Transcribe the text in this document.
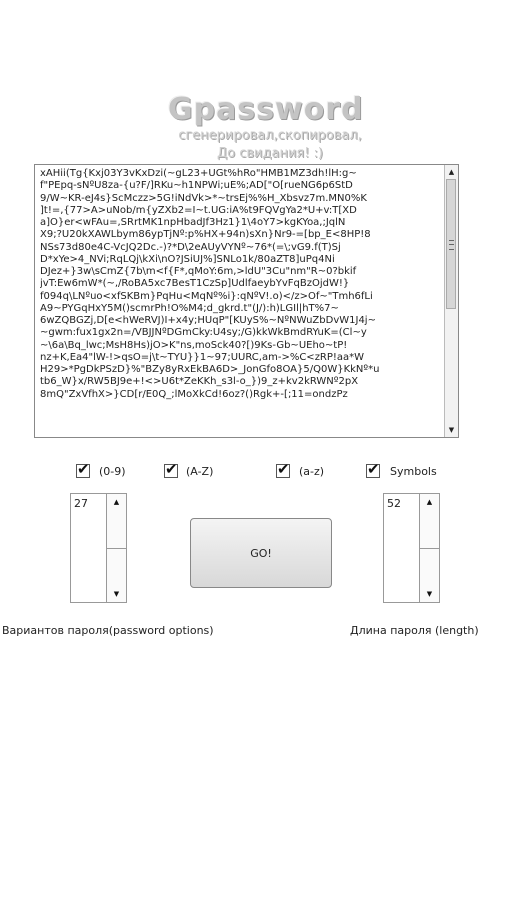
Gpassword
сгенерировал,скопировал,
До свидания! :)
xAHii(Tg{Kxj03Y3vKxDzi(~gL23+UGt%hRo"HMB1MZ3dh!lH:g~
f"PEpq-sNºU8za-{u?F/]RKu~h1NPWi;uE%;AD["O[rueNG6p6StD
9/W~KR-eJ4s}ScMczz>5G!iNdVk>*~trsEj%%H_Xbsvz7m.MN0%K
]t!=,{77>A>uNob/m{yZXb2=I~t.UG:iA%t9FQVgYa2*U+v:T[XD
a]O}er<wFAu=,SRrtMK1npHbadJf3Hz1}1\4oY7>kgKYoa,;JqlN
X9;?U20kXAWLbym86ypTjNº:p%HX+94n)sXn}Nr9-=[bp_E<8HP!8
NSs73d80e4C-VcJQ2Dc.-)?*D\2eAUyVYNº~76*(=\;vG9.f(T)Sj
D*xYe>4_NVi;RqLQj\kXi\nO?JSiUJ%]SNLo1k/80aZT8]uPq4Ni
DJez+}3w\sCmZ{7b\m<f{F*,qMoY:6m,>ldU"3Cu"nm"R~0?bkif
jvT:Ew6mW*(~,/RoBA5xc7BesT1CzSp]UdlfaeybYvFqBzOjdW!}
f094q\LNºuo<xfSKBm}PqHu<MqNº%i}:qNºV!.o)</z>Of~"Tmh6fLi
A9~PYGqHxY5M()scmrPh!O%M4;d_gkrd.t"(J/):h)LGIl|hT%7~
6wZQBGZj,D[e<hWeRVJ)I+x4y;HUqP"[KUyS%~NºNWuZbDvW1J4j~
~gwm:fux1gx2n=/VBJJNºDGmCky:U4sy;/G)kkWkBmdRYuK=(Cl~y
~\6a\Bq_lwc;MsH8Hs)jO>K"ns,moSck40?[)9Ks-Gb~UEho~tP!
nz+K,Ea4"lW-!>qsO=j\t~TYU}}1~97;UURC,am->%C<zRP!aa*W
H29>*PgDkPSzD}%"BZy8yRxEkBA6D>_JonGfo8OA}5/Q0W}KkNº*u
tb6_W}x/RW5BJ9e+!<>U6t*ZeKKh_s3l-o_})9_z+kv2kRWNº2pX
8mQ"ZxVfhX>}CD[r/E0Q_;lMoXkCd!6oz?()Rgk+-[;11=ondzPz
▲
▼
✔ (0-9)	✔ (A-Z)	✔ (a-z)	✔ Symbols
27	▲
▼
GO!
52	▲
▼
Вариантов пароля(password options)	Длина пароля (length)
